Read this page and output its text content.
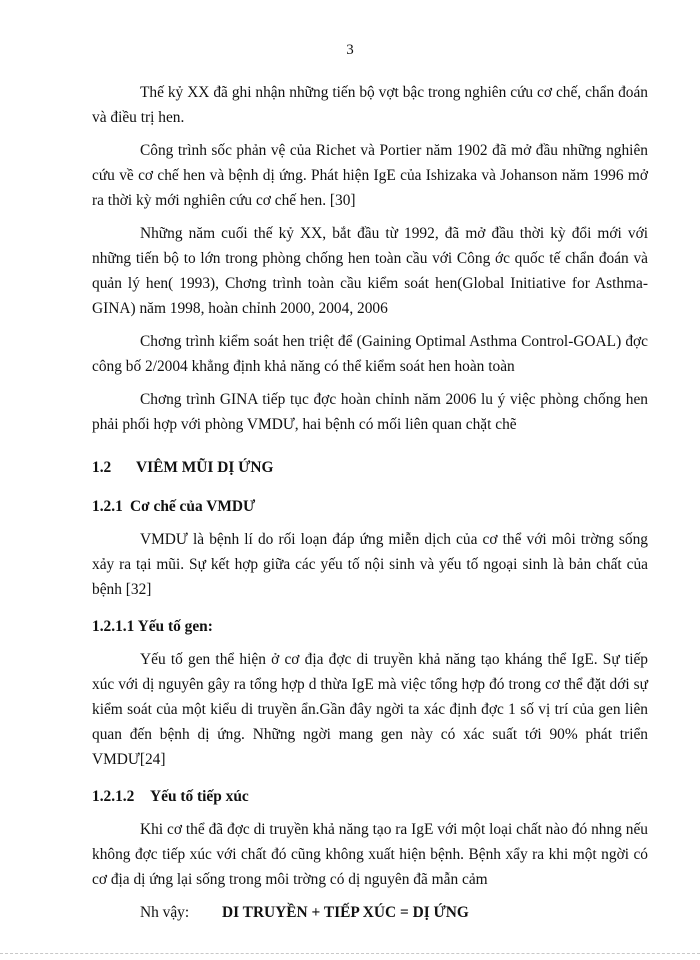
3

Thế kỷ XX đã ghi nhận những tiến bộ vợt bậc trong nghiên cứu cơ chế, chẩn đoán và điều trị hen.

Công trình sốc phản vệ của Richet và Portier năm 1902 đã mở đầu những nghiên cứu về cơ chế hen và bệnh dị ứng. Phát hiện IgE của Ishizaka và Johanson năm 1996 mở ra thời kỳ mới nghiên cứu cơ chế hen. [30]

Những năm cuối thế kỷ XX, bắt đầu từ 1992, đã mở đầu thời kỳ đổi mới với những tiến bộ to lớn trong phòng chống hen toàn cầu với Công ớc quốc tế chẩn đoán và quản lý hen( 1993), Chơng trình toàn cầu kiểm soát hen(Global Initiative for Asthma-GINA) năm 1998, hoàn chỉnh 2000, 2004, 2006

Chơng trình kiểm soát hen triệt để (Gaining Optimal Asthma Control-GOAL) đợc công bố 2/2004 khẳng định khả năng có thể kiểm soát hen hoàn toàn

Chơng trình GINA tiếp tục đợc hoàn chỉnh năm 2006 lu ý việc phòng chống hen phải phối hợp với phòng VMDƯ, hai bệnh có mối liên quan chặt chẽ

1.2 VIÊM MŨI DỊ ỨNG
1.2.1 Cơ chế của VMDƯ

VMDƯ là bệnh lí do rối loạn đáp ứng miễn dịch của cơ thể với môi trờng sống xảy ra tại mũi. Sự kết hợp giữa các yếu tố nội sinh và yếu tố ngoại sinh là bản chất của bệnh [32]

1.2.1.1 Yếu tố gen:

Yếu tố gen thể hiện ở cơ địa đợc di truyền khả năng tạo kháng thể IgE. Sự tiếp xúc với dị nguyên gây ra tổng hợp d thừa IgE mà việc tổng hợp đó trong cơ thể đặt dới sự kiểm soát của một kiểu di truyền ẩn.Gần đây ngời ta xác định đợc 1 số vị trí của gen liên quan đến bệnh dị ứng. Những ngời mang gen này có xác suất tới 90% phát triển VMDƯ[24]

1.2.1.2 Yếu tố tiếp xúc

Khi cơ thể đã đợc di truyền khả năng tạo ra IgE với một loại chất nào đó nhng nếu không đợc tiếp xúc với chất đó cũng không xuất hiện bệnh. Bệnh xẩy ra khi một ngời có cơ địa dị ứng lại sống trong môi trờng có dị nguyên đã mẫn cảm

Nh vậy: DI TRUYỀN + TIẾP XÚC = DỊ ỨNG
